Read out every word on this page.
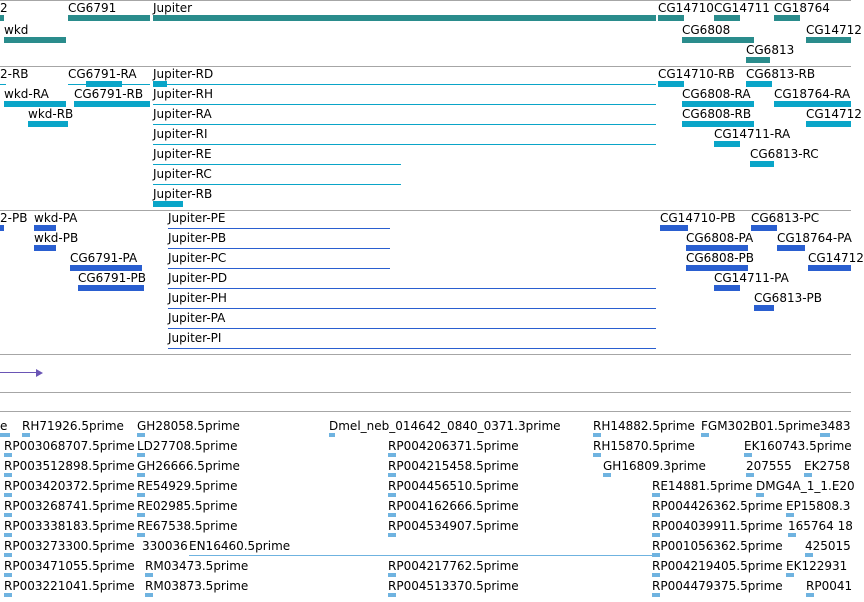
2	CG6791	Jupiter	CG14710 CG14711 CG18764
wkd	CG6808	CG14712
CG6813
2-RB	CG6791-RA Jupiter-RD	CG14710-RB CG6813-RB
wkd-RA CG6791-RB Jupiter-RH	CG6808-RA CG18764-RA
wkd-RB	Jupiter-RA	CG6808-RB	CG14712
Jupiter-RI	CG14711-RA
CG6813-RC
Jupiter-RE
Jupiter-RC
Jupiter-RB
2-PB wkd-PA	Jupiter-PE	CG14710-PB CG6813-PC
wkd-PB	Jupiter-PB	CG6808-PA CG18764-PA
CG6791-PA	Jupiter-PC	CG6808-PB	CG14712
CG6791-PB Jupiter-PD	CG14711-PA
Jupiter-PH	CG6813-PB
Jupiter-PA
Jupiter-PI
e RH71926.5prime GH28058.5prime	Dmel_neb_014642_0840_0371.3prime	RH14882.5prime FGM302B01.5prime 3483
RP003068707.5prime LD27708.5prime	RP004206371.5prime	RH15870.5prime	EK160743.5prime
RP003512898.5prime GH26666.5prime	RP004215458.5prime	GH16809.3prime	207555 EK2758
RP003420372.5prime RE54929.5prime	RP004456510.5prime	RE14881.5prime DMG4A_1_1.E20
RP003268741.5prime RE02985.5prime	RP004162666.5prime	RP004426362.5prime EP15808.3
RP003338183.5prime RE67538.5prime	RP004534907.5prime	RP004039911.5prime 165764 18
RP003273300.5prime 330036 EN16460.5prime	RP001056362.5prime 425015
RP003471055.5prime RM03473.5prime	RP004217762.5prime	RP004219405.5prime EK122931
RP003221041.5prime RM03873.5prime	RP004513370.5prime	RP004479375.5prime RP0041
